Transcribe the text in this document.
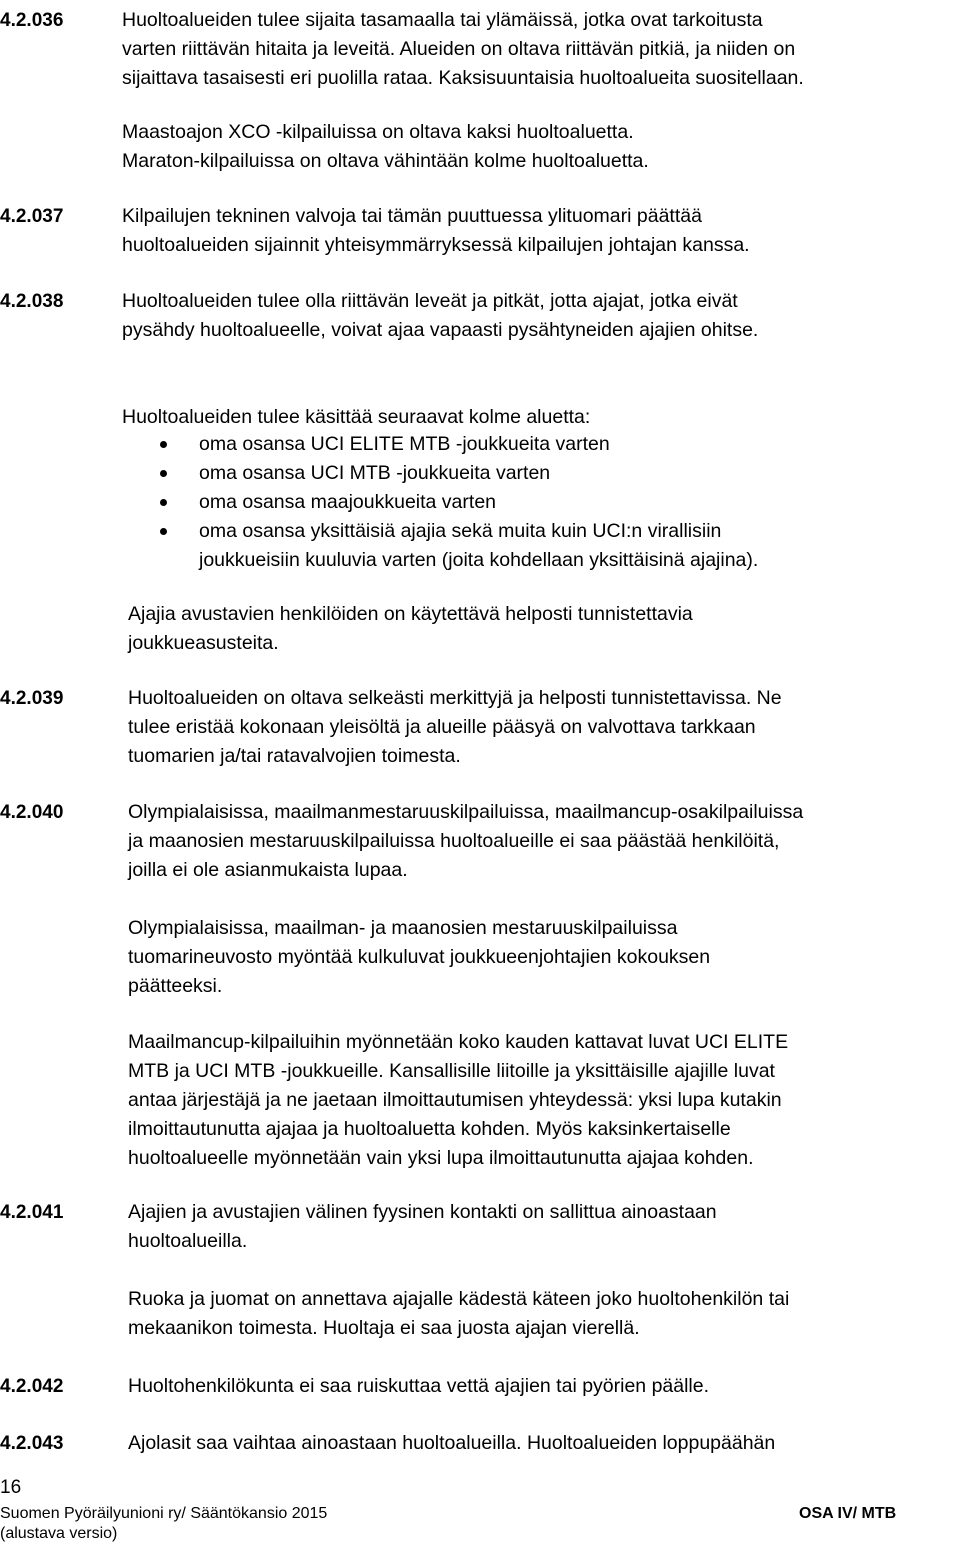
4.2.036	Huoltoalueiden tulee sijaita tasamaalla tai ylämäissä, jotka ovat tarkoitusta
varten riittävän hitaita ja leveitä. Alueiden on oltava riittävän pitkiä, ja niiden on
sijaittava tasaisesti eri puolilla rataa. Kaksisuuntaisia huoltoalueita suositellaan.
Maastoajon XCO -kilpailuissa on oltava kaksi huoltoaluetta.
Maraton-kilpailuissa on oltava vähintään kolme huoltoaluetta.
4.2.037	Kilpailujen tekninen valvoja tai tämän puuttuessa ylituomari päättää
huoltoalueiden sijainnit yhteisymmärryksessä kilpailujen johtajan kanssa.
4.2.038	Huoltoalueiden tulee olla riittävän leveät ja pitkät, jotta ajajat, jotka eivät
pysähdy huoltoalueelle, voivat ajaa vapaasti pysähtyneiden ajajien ohitse.
Huoltoalueiden tulee käsittää seuraavat kolme aluetta:
oma osansa UCI ELITE MTB -joukkueita varten
oma osansa UCI MTB -joukkueita varten
oma osansa maajoukkueita varten
oma osansa yksittäisiä ajajia sekä muita kuin UCI:n virallisiin
joukkueisiin kuuluvia varten (joita kohdellaan yksittäisinä ajajina).
Ajajia avustavien henkilöiden on käytettävä helposti tunnistettavia
joukkueasusteita.
4.2.039	Huoltoalueiden on oltava selkeästi merkittyjä ja helposti tunnistettavissa. Ne
tulee eristää kokonaan yleisöltä ja alueille pääsyä on valvottava tarkkaan
tuomarien ja/tai ratavalvojien toimesta.
4.2.040	Olympialaisissa, maailmanmestaruuskilpailuissa, maailmancup-osakilpailuissa
ja maanosien mestaruuskilpailuissa huoltoalueille ei saa päästää henkilöitä,
joilla ei ole asianmukaista lupaa.
Olympialaisissa, maailman- ja maanosien mestaruuskilpailuissa
tuomarineuvosto myöntää kulkuluvat joukkueenjohtajien kokouksen
päätteeksi.
Maailmancup-kilpailuihin myönnetään koko kauden kattavat luvat UCI ELITE
MTB ja UCI MTB -joukkueille. Kansallisille liitoille ja yksittäisille ajajille luvat
antaa järjestäjä ja ne jaetaan ilmoittautumisen yhteydessä: yksi lupa kutakin
ilmoittautunutta ajajaa ja huoltoaluetta kohden. Myös kaksinkertaiselle
huoltoalueelle myönnetään vain yksi lupa ilmoittautunutta ajajaa kohden.
4.2.041	Ajajien ja avustajien välinen fyysinen kontakti on sallittua ainoastaan
huoltoalueilla.
Ruoka ja juomat on annettava ajajalle kädestä käteen joko huoltohenkilön tai
mekaanikon toimesta. Huoltaja ei saa juosta ajajan vierellä.
4.2.042	Huoltohenkilökunta ei saa ruiskuttaa vettä ajajien tai pyörien päälle.
4.2.043	Ajolasit saa vaihtaa ainoastaan huoltoalueilla. Huoltoalueiden loppupäähän
16
Suomen Pyöräilyunioni ry/ Sääntökansio 2015
(alustava versio)
OSA IV/ MTB
